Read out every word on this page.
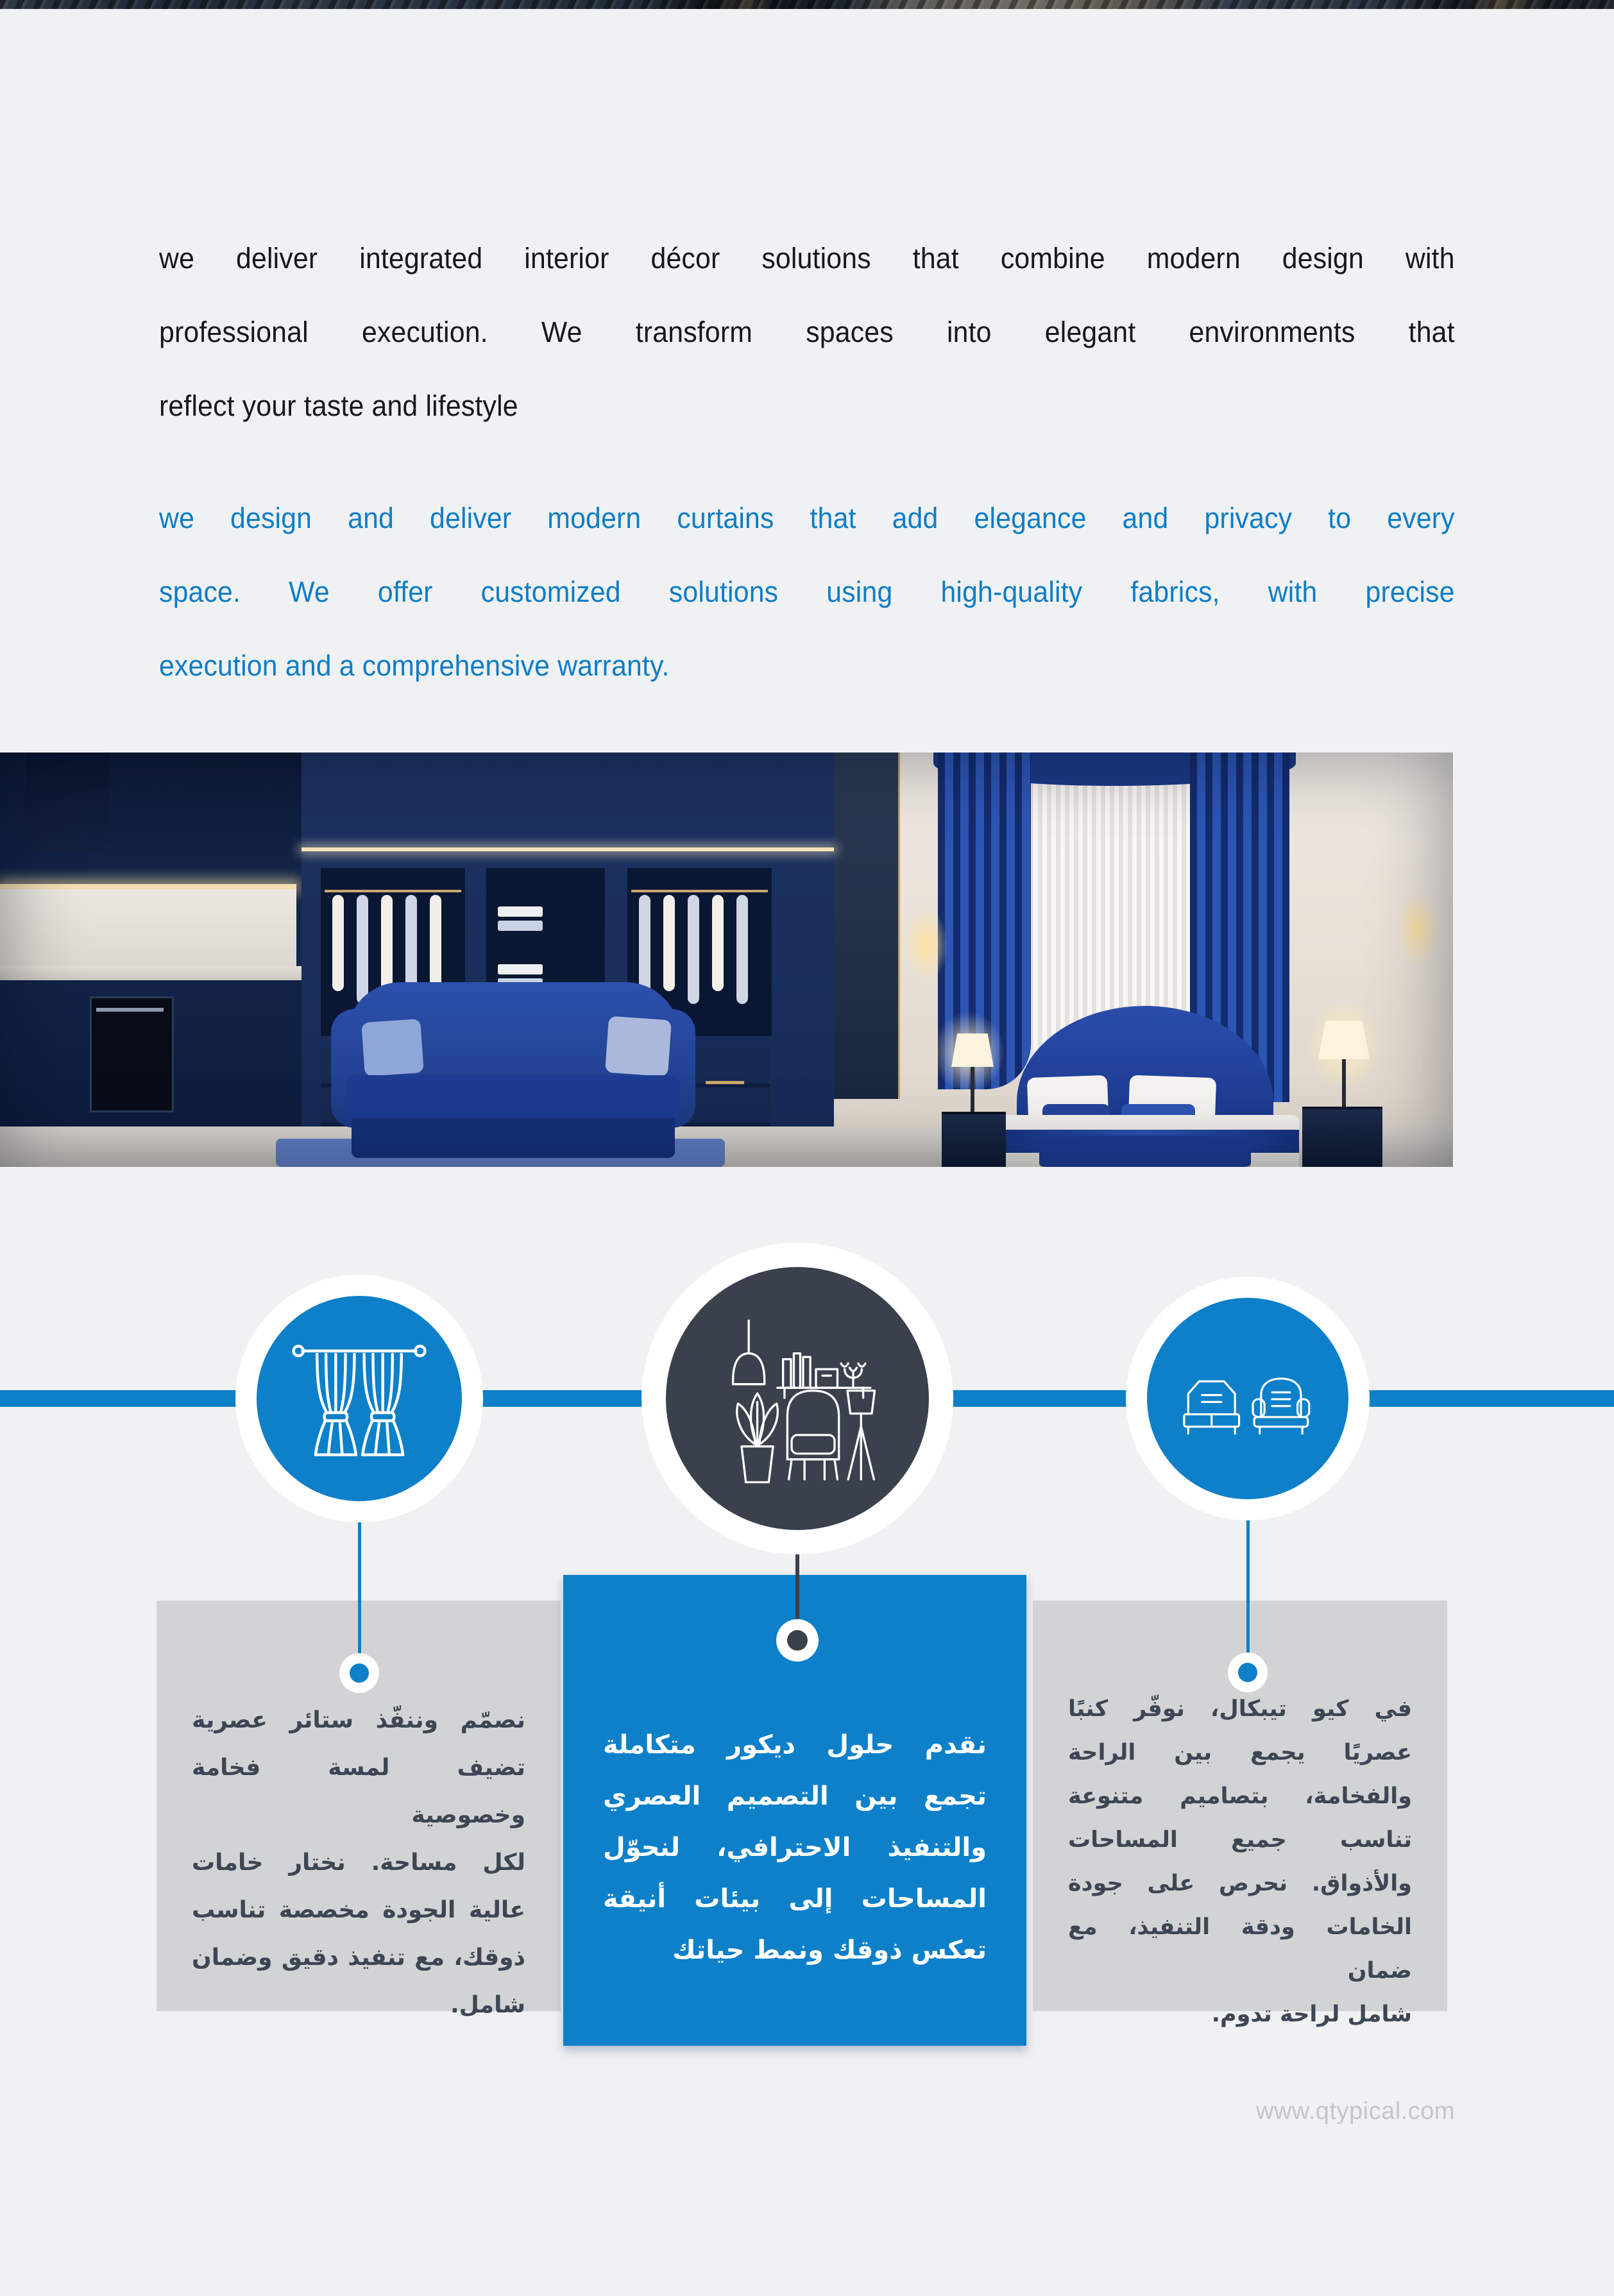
we deliver integrated interior décor solutions that combine modern design with
professional execution. We transform spaces into elegant environments that
reflect your taste and lifestyle
we design and deliver modern curtains that add elegance and privacy to every
space. We offer customized solutions using high-quality fabrics, with precise
execution and a comprehensive warranty.
نصمّم وننفّذ ستائر عصرية
تضيف لمسة فخامة وخصوصية
لكل مساحة. نختار خامات
عالية الجودة مخصصة تناسب
ذوقك، مع تنفيذ دقيق وضمان
شامل.
نقدم حلول ديكور متكاملة
تجمع بين التصميم العصري
والتنفيذ الاحترافي، لنحوّل
المساحات إلى بيئات أنيقة
تعكس ذوقك ونمط حياتك
في كيو تيبكال، نوفّر كنبًا
عصريًا يجمع بين الراحة
والفخامة، بتصاميم متنوعة
تناسب جميع المساحات
والأذواق. نحرص على جودة
الخامات ودقة التنفيذ، مع ضمان
شامل لراحة تدوم.
www.qtypical.com
